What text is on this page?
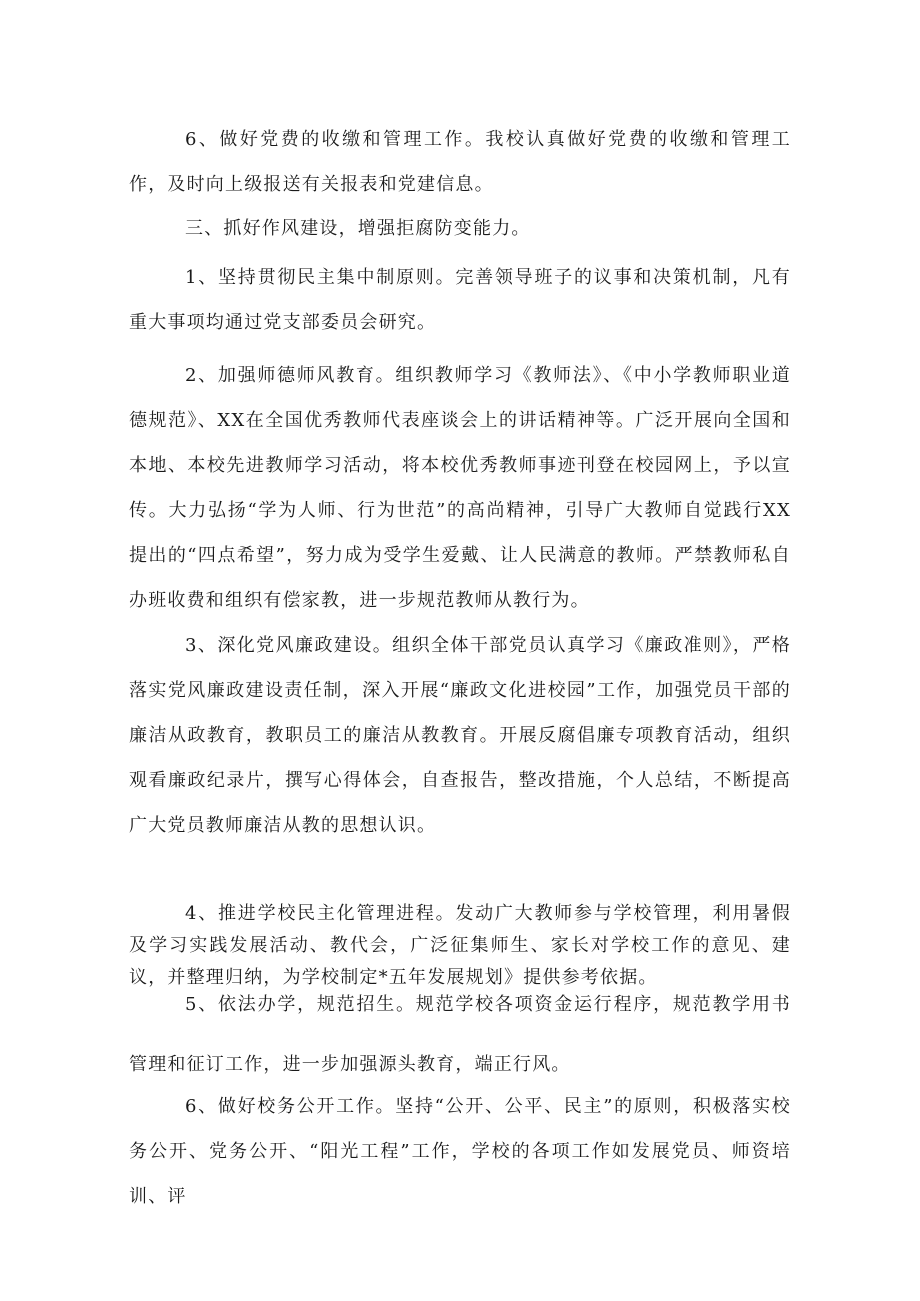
6、做好党费的收缴和管理工作。我校认真做好党费的收缴和管理工作，及时向上级报送有关报表和党建信息。

三、抓好作风建设，增强拒腐防变能力。

1、坚持贯彻民主集中制原则。完善领导班子的议事和决策机制，凡有重大事项均通过党支部委员会研究。

2、加强师德师风教育。组织教师学习《教师法》、《中小学教师职业道德规范》、XX在全国优秀教师代表座谈会上的讲话精神等。广泛开展向全国和本地、本校先进教师学习活动，将本校优秀教师事迹刊登在校园网上，予以宣传。大力弘扬“学为人师、行为世范”的高尚精神，引导广大教师自觉践行XX提出的“四点希望”，努力成为受学生爱戴、让人民满意的教师。严禁教师私自办班收费和组织有偿家教，进一步规范教师从教行为。

3、深化党风廉政建设。组织全体干部党员认真学习《廉政准则》，严格落实党风廉政建设责任制，深入开展“廉政文化进校园”工作，加强党员干部的廉洁从政教育，教职员工的廉洁从教教育。开展反腐倡廉专项教育活动，组织观看廉政纪录片，撰写心得体会，自查报告，整改措施，个人总结，不断提高广大党员教师廉洁从教的思想认识。

4、推进学校民主化管理进程。发动广大教师参与学校管理，利用暑假及学习实践发展活动、教代会，广泛征集师生、家长对学校工作的意见、建议，并整理归纳，为学校制定*五年发展规划》提供参考依据。

5、依法办学，规范招生。规范学校各项资金运行程序，规范教学用书管理和征订工作，进一步加强源头教育，端正行风。

6、做好校务公开工作。坚持“公开、公平、民主”的原则，积极落实校务公开、党务公开、“阳光工程”工作，学校的各项工作如发展党员、师资培训、评
